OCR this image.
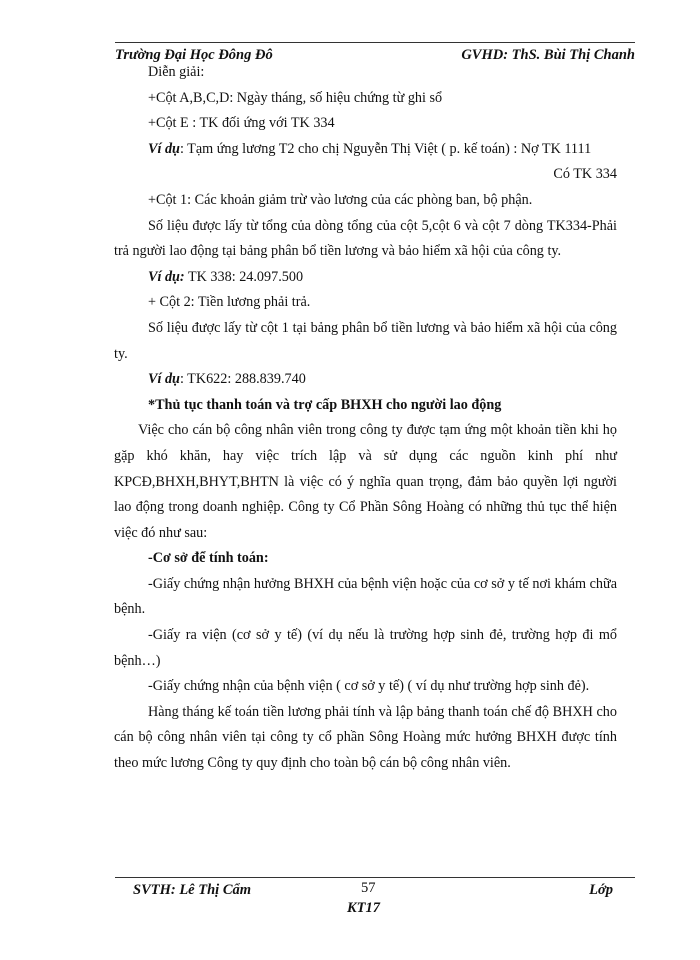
Trường Đại Học Đông Đô	GVHD: ThS. Bùi Thị Chanh

Diễn giải:

+Cột A,B,C,D: Ngày tháng, số hiệu chứng từ ghi sổ

+Cột E : TK đối ứng với TK 334

Ví dụ: Tạm ứng lương T2 cho chị Nguyễn Thị Việt ( p. kế toán) : Nợ TK 1111

Có TK 334

+Cột 1: Các khoản giảm trừ vào lương của các phòng ban, bộ phận.

Số liệu được lấy từ tổng của dòng tổng của cột 5,cột 6 và cột 7 dòng TK334-Phải trả người lao động tại bảng phân bổ tiền lương và bảo hiểm xã hội của công ty.

Ví dụ: TK 338: 24.097.500

+ Cột 2: Tiền lương phải trả.

Số liệu được lấy từ cột 1 tại bảng phân bổ tiền lương và bảo hiểm xã hội của công ty.

Ví dụ: TK622: 288.839.740

*Thủ tục thanh toán và trợ cấp BHXH cho người lao động

Việc cho cán bộ công nhân viên trong công ty được tạm ứng một khoản tiền khi họ gặp khó khăn, hay việc trích lập và sử dụng các nguồn kinh phí như KPCĐ,BHXH,BHYT,BHTN là việc có ý nghĩa quan trọng, đảm bảo quyền lợi người lao động trong doanh nghiệp. Công ty Cổ Phần Sông Hoàng có những thủ tục thể hiện việc đó như sau:

-Cơ sở để tính toán:

-Giấy chứng nhận hưởng BHXH của bệnh viện hoặc của cơ sở y tế nơi khám chữa bệnh.

-Giấy ra viện (cơ sở y tế) (ví dụ nếu là trường hợp sinh đẻ, trường hợp đi mổ bệnh…)

-Giấy chứng nhận của bệnh viện ( cơ sở y tế) ( ví dụ như trường hợp sinh đẻ).

Hàng tháng kế toán tiền lương phải tính và lập bảng thanh toán chế độ BHXH cho cán bộ công nhân viên tại công ty cổ phần Sông Hoàng mức hưởng BHXH được tính theo mức lương Công ty quy định cho toàn bộ cán bộ công nhân viên.

SVTH: Lê Thị Cẩm	57	Lớp
KT17
